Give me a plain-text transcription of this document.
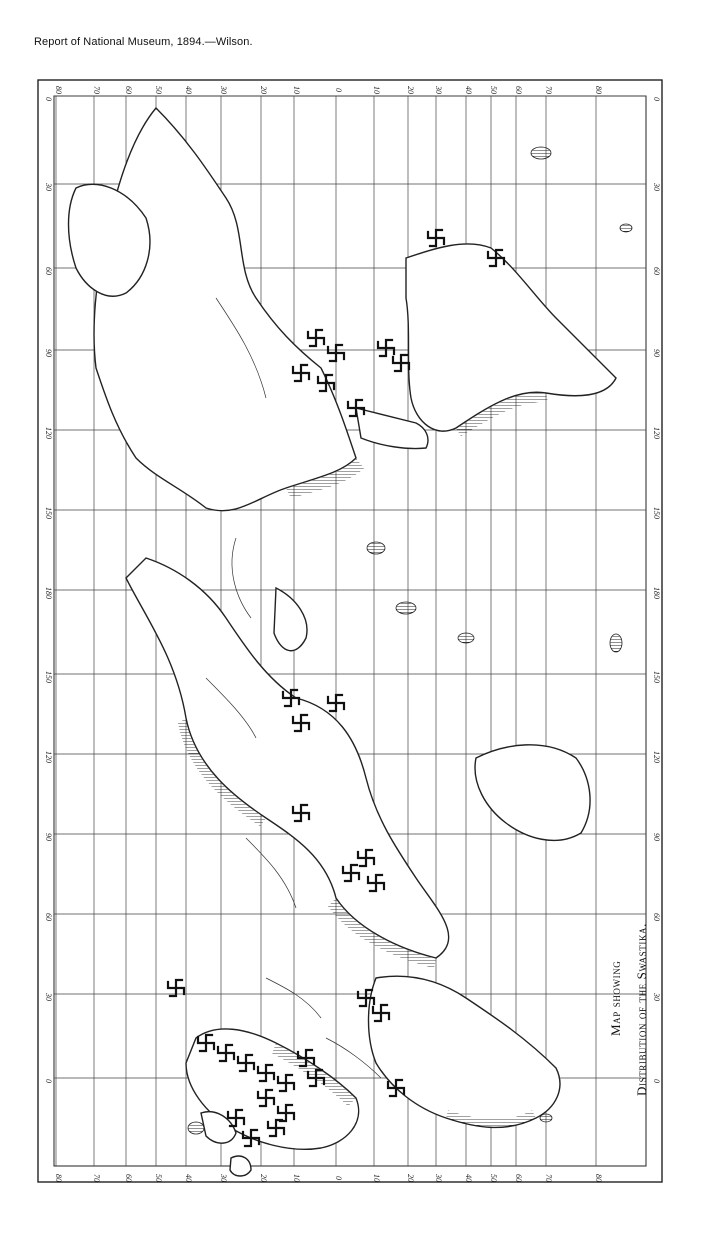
Report of National Museum, 1894.—Wilson.
0
30
60
90
120
150
180
150
120
90
60
30
0
0
30
60
90
120
150
180
150
120
90
60
30
0
80	70	60	50	40	30	20	10	0	10	20 30	40 50 60	70	80
80	70	60	50	40	30	20	10	0	10	20 30	40 50 60	70	80
Map showing Distribution of the Swastika.
